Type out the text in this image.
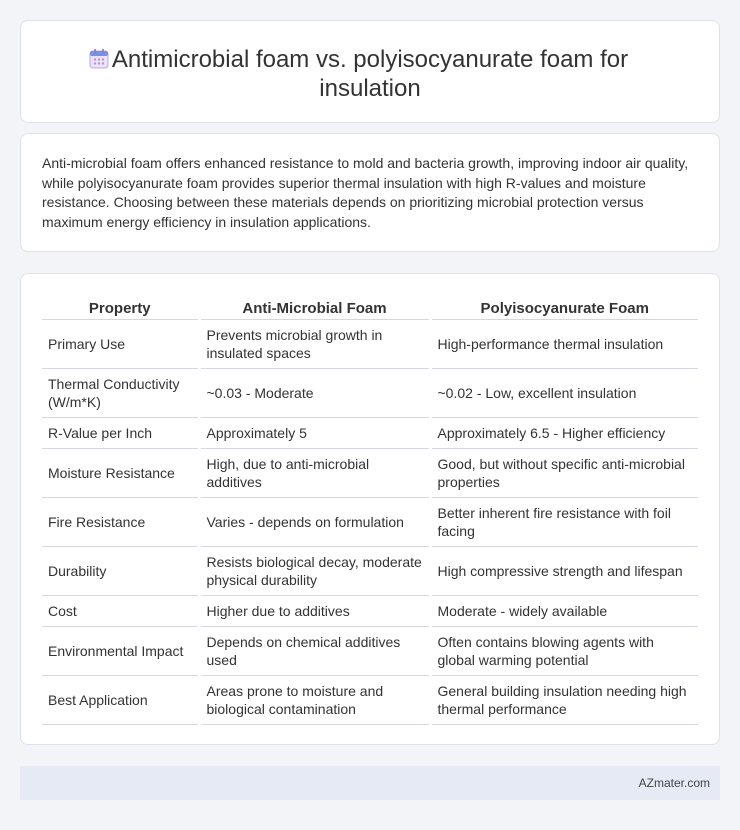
Antimicrobial foam vs. polyisocyanurate foam for insulation

Anti-microbial foam offers enhanced resistance to mold and bacteria growth, improving indoor air quality, while polyisocyanurate foam provides superior thermal insulation with high R-values and moisture resistance. Choosing between these materials depends on prioritizing microbial protection versus maximum energy efficiency in insulation applications.

Property	Anti-Microbial Foam	Polyisocyanurate Foam
Primary Use	Prevents microbial growth in insulated spaces	High-performance thermal insulation
Thermal Conductivity (W/m*K)	~0.03 - Moderate	~0.02 - Low, excellent insulation
R-Value per Inch	Approximately 5	Approximately 6.5 - Higher efficiency
Moisture Resistance	High, due to anti-microbial additives	Good, but without specific anti-microbial properties
Fire Resistance	Varies - depends on formulation	Better inherent fire resistance with foil facing
Durability	Resists biological decay, moderate physical durability	High compressive strength and lifespan
Cost	Higher due to additives	Moderate - widely available
Environmental Impact	Depends on chemical additives used	Often contains blowing agents with global warming potential
Best Application	Areas prone to moisture and biological contamination	General building insulation needing high thermal performance
AZmater.com
